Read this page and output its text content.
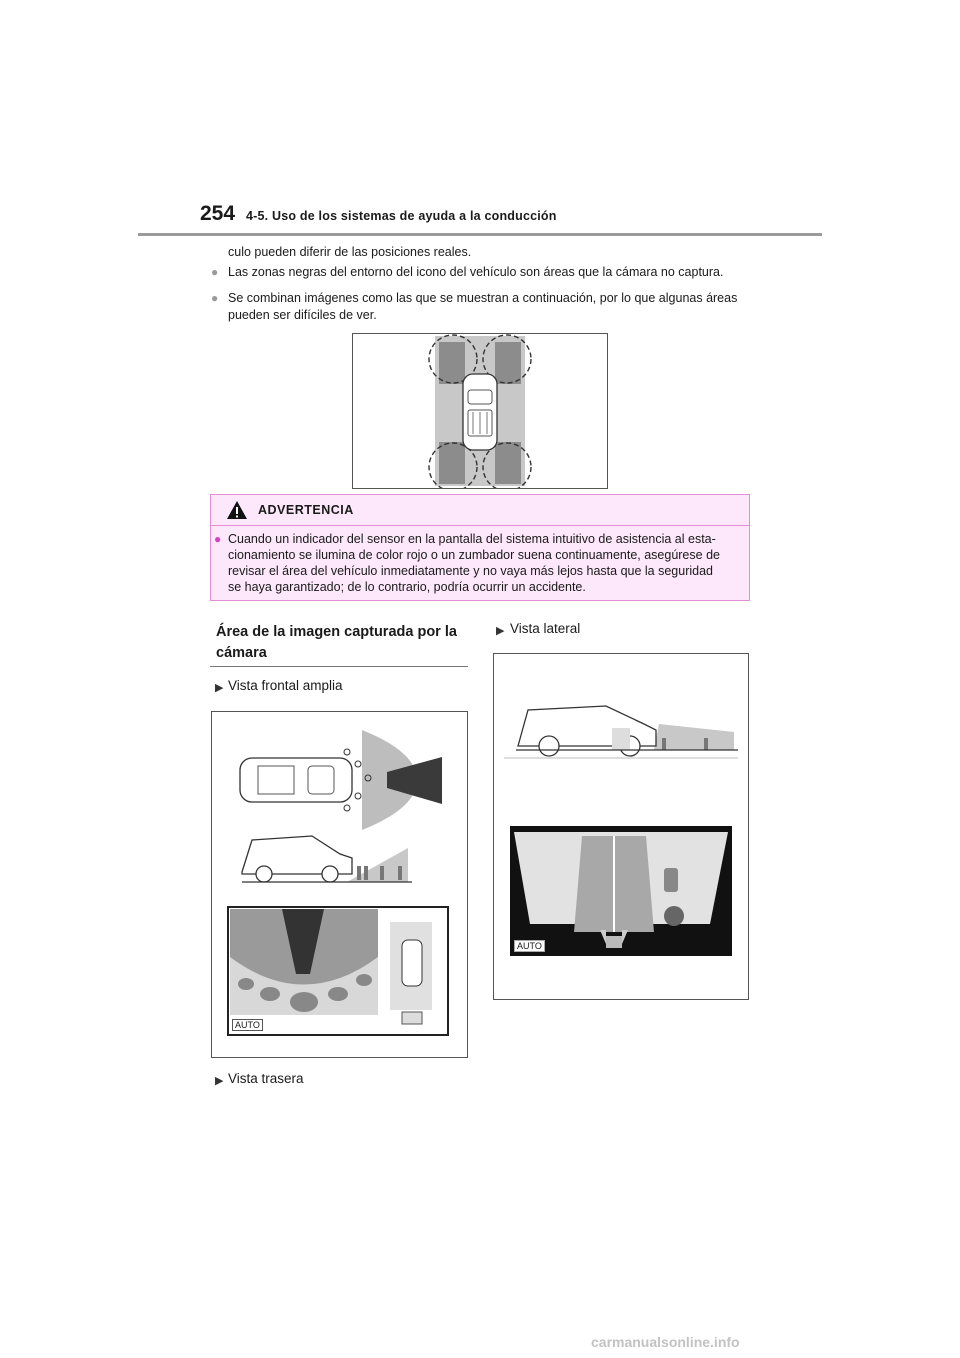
254 4-5. Uso de los sistemas de ayuda a la conducción
culo pueden diferir de las posiciones reales.
● Las zonas negras del entorno del icono del vehículo son áreas que la cámara no captura.
● Se combinan imágenes como las que se muestran a continuación, por lo que algunas áreas
pueden ser difíciles de ver.
ADVERTENCIA
● Cuando un indicador del sensor en la pantalla del sistema intuitivo de asistencia al esta-
cionamiento se ilumina de color rojo o un zumbador suena continuamente, asegúrese de
revisar el área del vehículo inmediatamente y no vaya más lejos hasta que la seguridad
se haya garantizado; de lo contrario, podría ocurrir un accidente.
Área de la imagen capturada por la
cámara
▶ Vista frontal amplia
AUTO
▶ Vista trasera
▶ Vista lateral
AUTO
carmanualsonline.info
